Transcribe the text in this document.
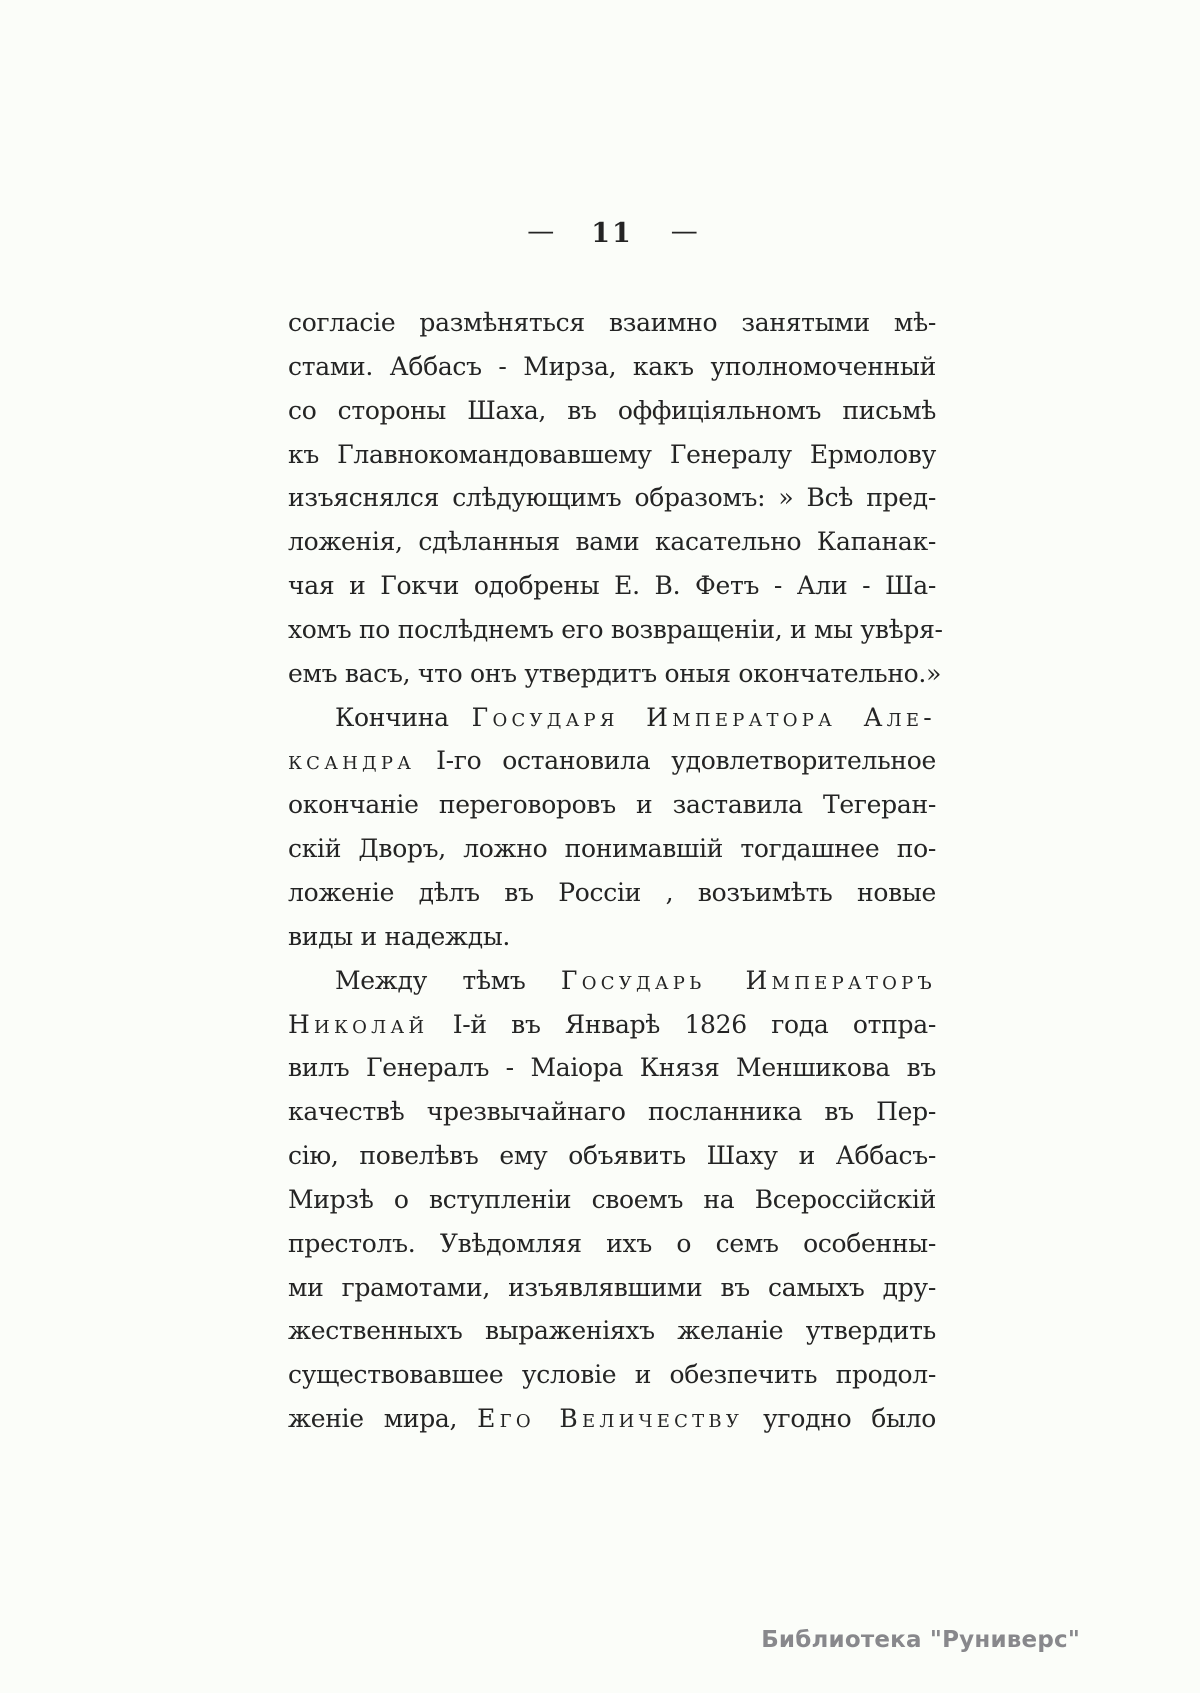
— 11 —
согласіе размѣняться взаимно занятыми мѣ-
стами. Аббасъ - Мирза, какъ уполномоченный
со стороны Шаха, въ оффиціяльномъ письмѣ
къ Главнокомандовавшему Генералу Ермолову
изъяснялся слѣдующимъ образомъ: » Всѣ пред-
ложенія, сдѣланныя вами касательно Капанак-
чая и Гокчи одобрены Е. В. Фетъ - Али - Ша-
хомъ по послѣднемъ его возвращеніи, и мы увѣря-
емъ васъ, что онъ утвердитъ оныя окончательно.»
Кончина Государя Императора Але-
ксандра I-го остановила удовлетворительное
окончаніе переговоровъ и заставила Тегеран-
скій Дворъ, ложно понимавшій тогдашнее по-
ложеніе дѣлъ въ Россіи , возъимѣть новые
виды и надежды.
Между тѣмъ Государь Императоръ
Николай I-й въ Январѣ 1826 года отпра-
вилъ Генералъ - Маіора Князя Меншикова въ
качествѣ чрезвычайнаго посланника въ Пер-
сію, повелѣвъ ему объявить Шаху и Аббасъ-
Мирзѣ о вступленіи своемъ на Всероссійскій
престолъ. Увѣдомляя ихъ о семъ особенны-
ми грамотами, изъявлявшими въ самыхъ дру-
жественныхъ выраженіяхъ желаніе утвердить
существовавшее условіе и обезпечить продол-
женіе мира, Его Величеству угодно было
Библиотека "Руниверс"
